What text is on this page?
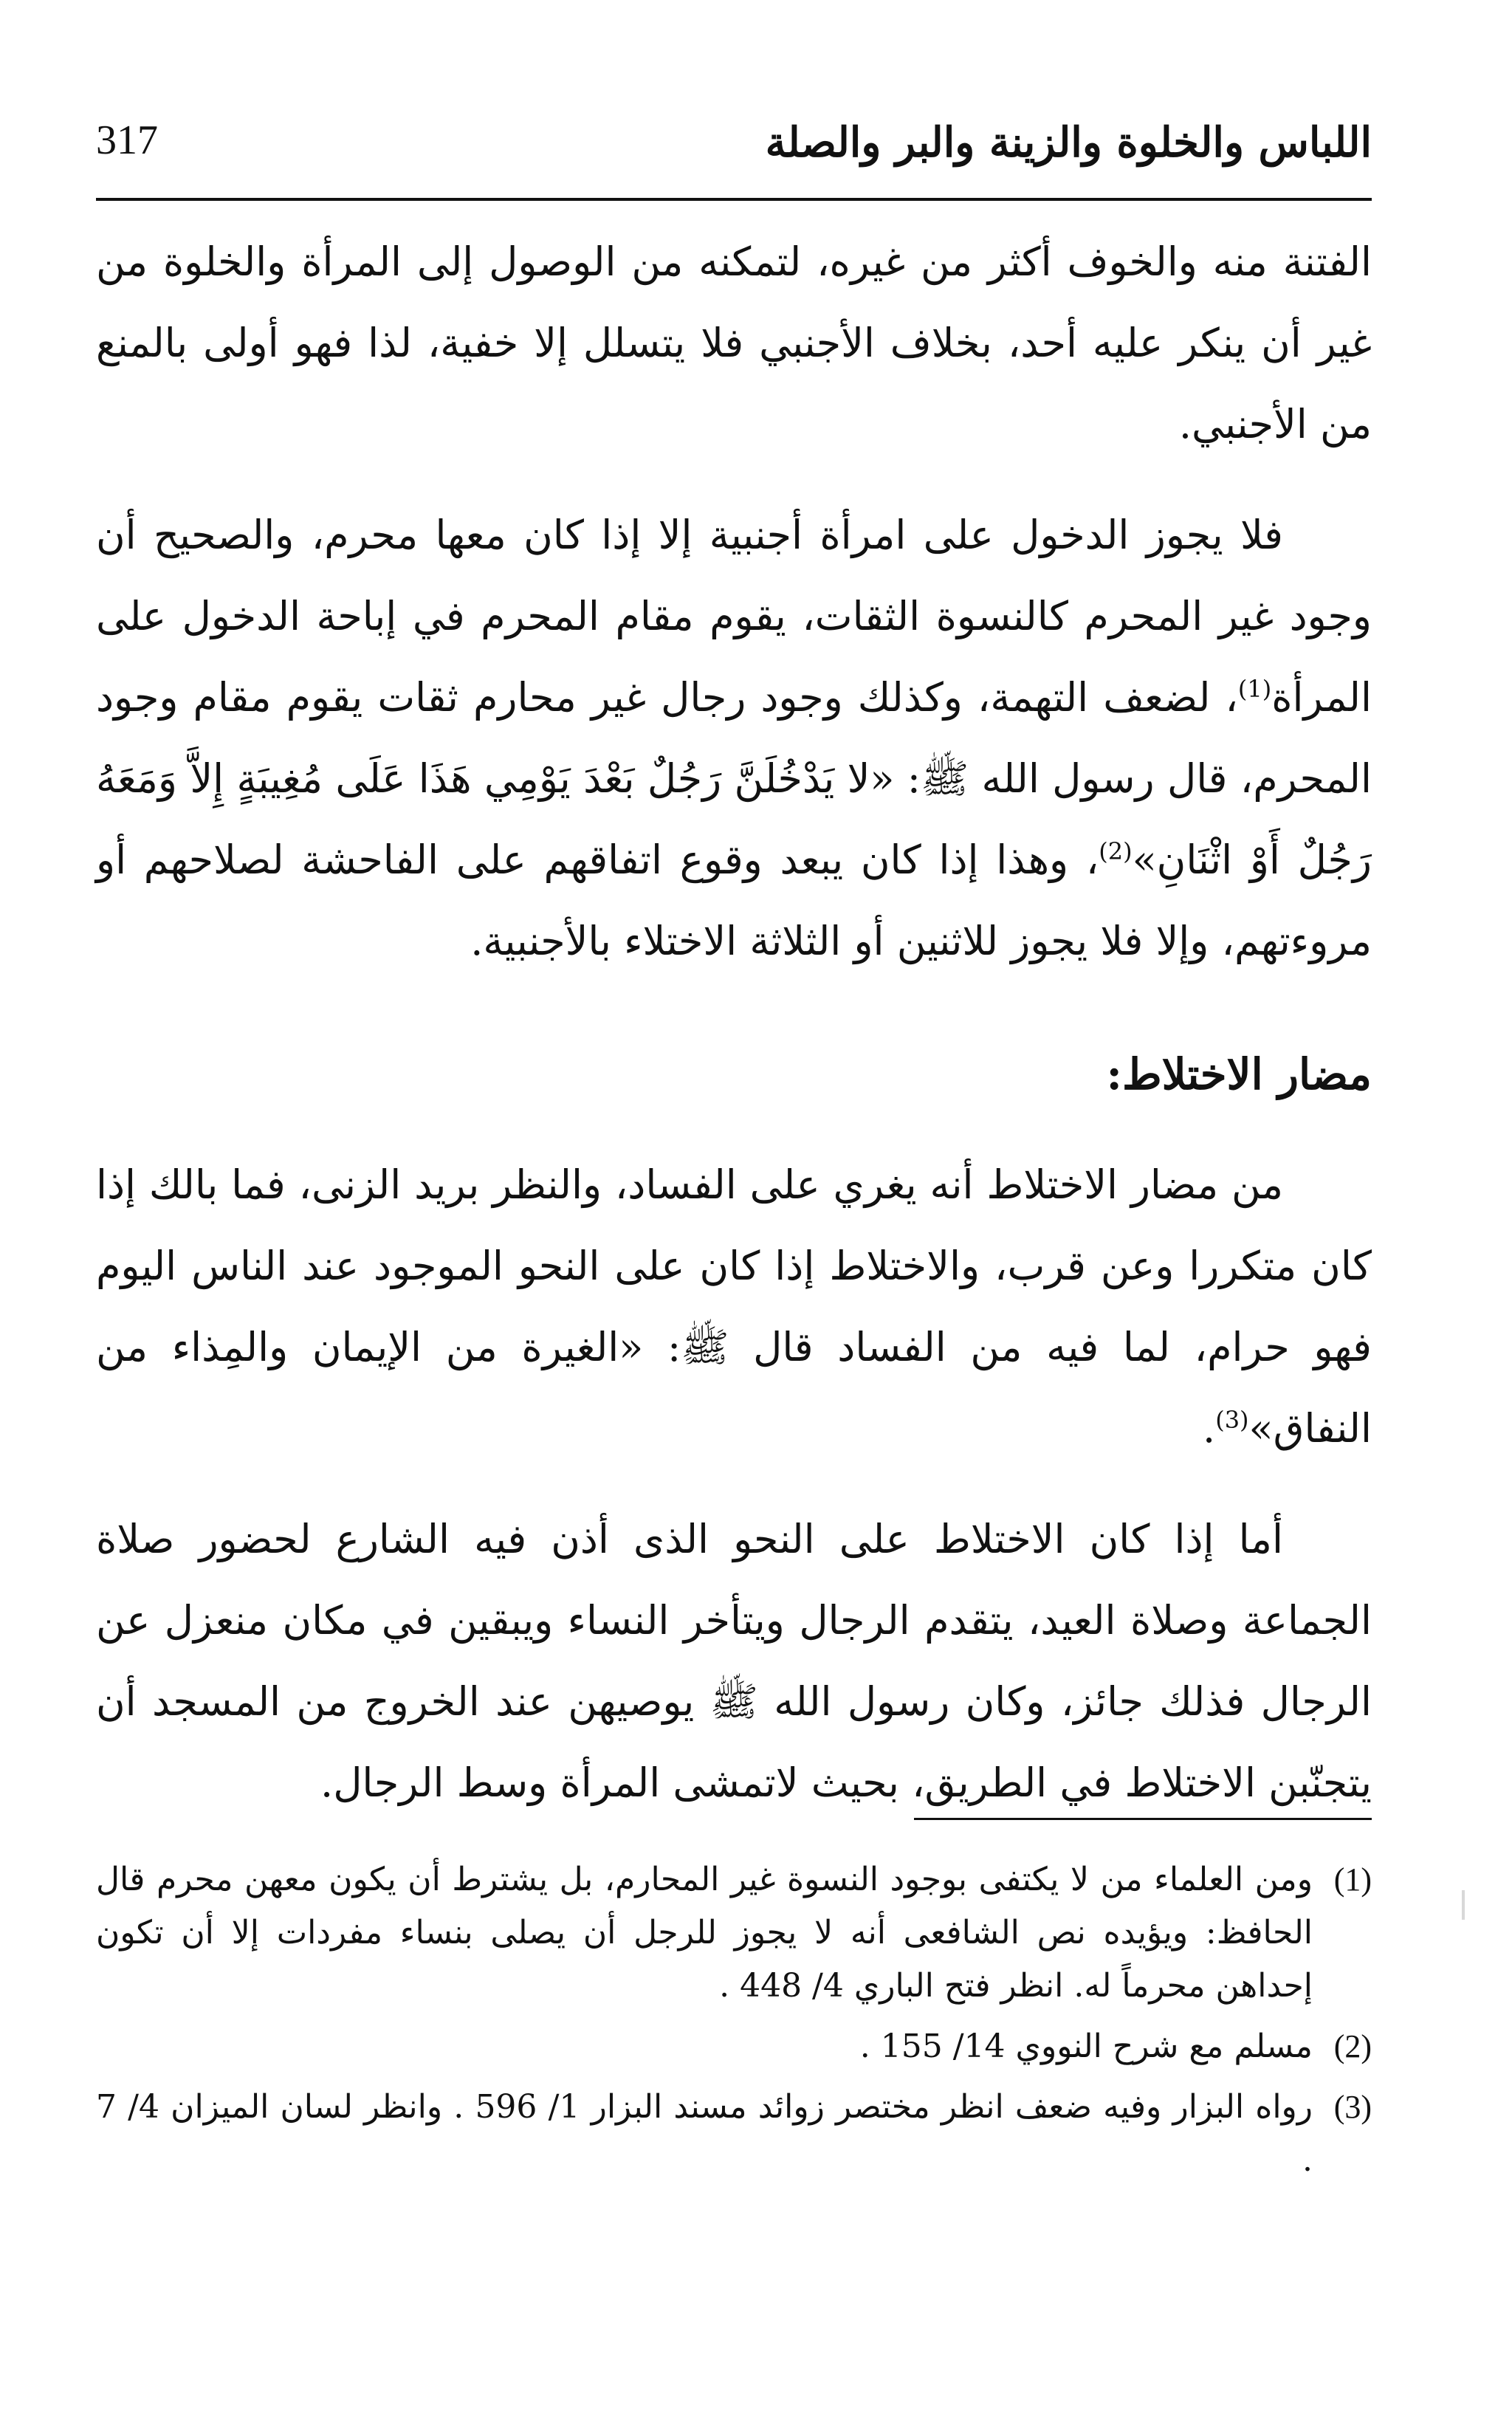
اللباس والخلوة والزينة والبر والصلة
317

الفتنة منه والخوف أكثر من غيره، لتمكنه من الوصول إلى المرأة والخلوة من غير أن ينكر عليه أحد، بخلاف الأجنبي فلا يتسلل إلا خفية، لذا فهو أولى بالمنع من الأجنبي.

فلا يجوز الدخول على امرأة أجنبية إلا إذا كان معها محرم، والصحيح أن وجود غير المحرم كالنسوة الثقات، يقوم مقام المحرم في إباحة الدخول على المرأة$^{(1)}$، لضعف التهمة، وكذلك وجود رجال غير محارم ثقات يقوم مقام وجود المحرم، قال رسول الله ﷺ: «لا يَدْخُلَنَّ رَجُلٌ بَعْدَ يَوْمِي هَذَا عَلَى مُغِيبَةٍ إِلاَّ وَمَعَهُ رَجُلٌ أَوْ اثْنَانِ»$^{(2)}$، وهذا إذا كان يبعد وقوع اتفاقهم على الفاحشة لصلاحهم أو مروءتهم، وإلا فلا يجوز للاثنين أو الثلاثة الاختلاء بالأجنبية.

مضار الاختلاط:

من مضار الاختلاط أنه يغري على الفساد، والنظر بريد الزنى، فما بالك إذا كان متكررا وعن قرب، والاختلاط إذا كان على النحو الموجود عند الناس اليوم فهو حرام، لما فيه من الفساد قال ﷺ: «الغيرة من الإيمان والمِذاء من النفاق»$^{(3)}$.

أما إذا كان الاختلاط على النحو الذى أذن فيه الشارع لحضور صلاة الجماعة وصلاة العيد، يتقدم الرجال ويتأخر النساء ويبقين في مكان منعزل عن الرجال فذلك جائز، وكان رسول الله ﷺ يوصيهن عند الخروج من المسجد أن يتجنّبن الاختلاط في الطريق، بحيث لاتمشى المرأة وسط الرجال.

(1)
ومن العلماء من لا يكتفى بوجود النسوة غير المحارم، بل يشترط أن يكون معهن محرم قال الحافظ: ويؤيده نص الشافعى أنه لا يجوز للرجل أن يصلى بنساء مفردات إلا أن تكون إحداهن محرماً له. انظر فتح الباري 4/ 448 .
(2)
مسلم مع شرح النووي 14/ 155 .
(3)
رواه البزار وفيه ضعف انظر مختصر زوائد مسند البزار 1/ 596 . وانظر لسان الميزان 4/ 7 .
